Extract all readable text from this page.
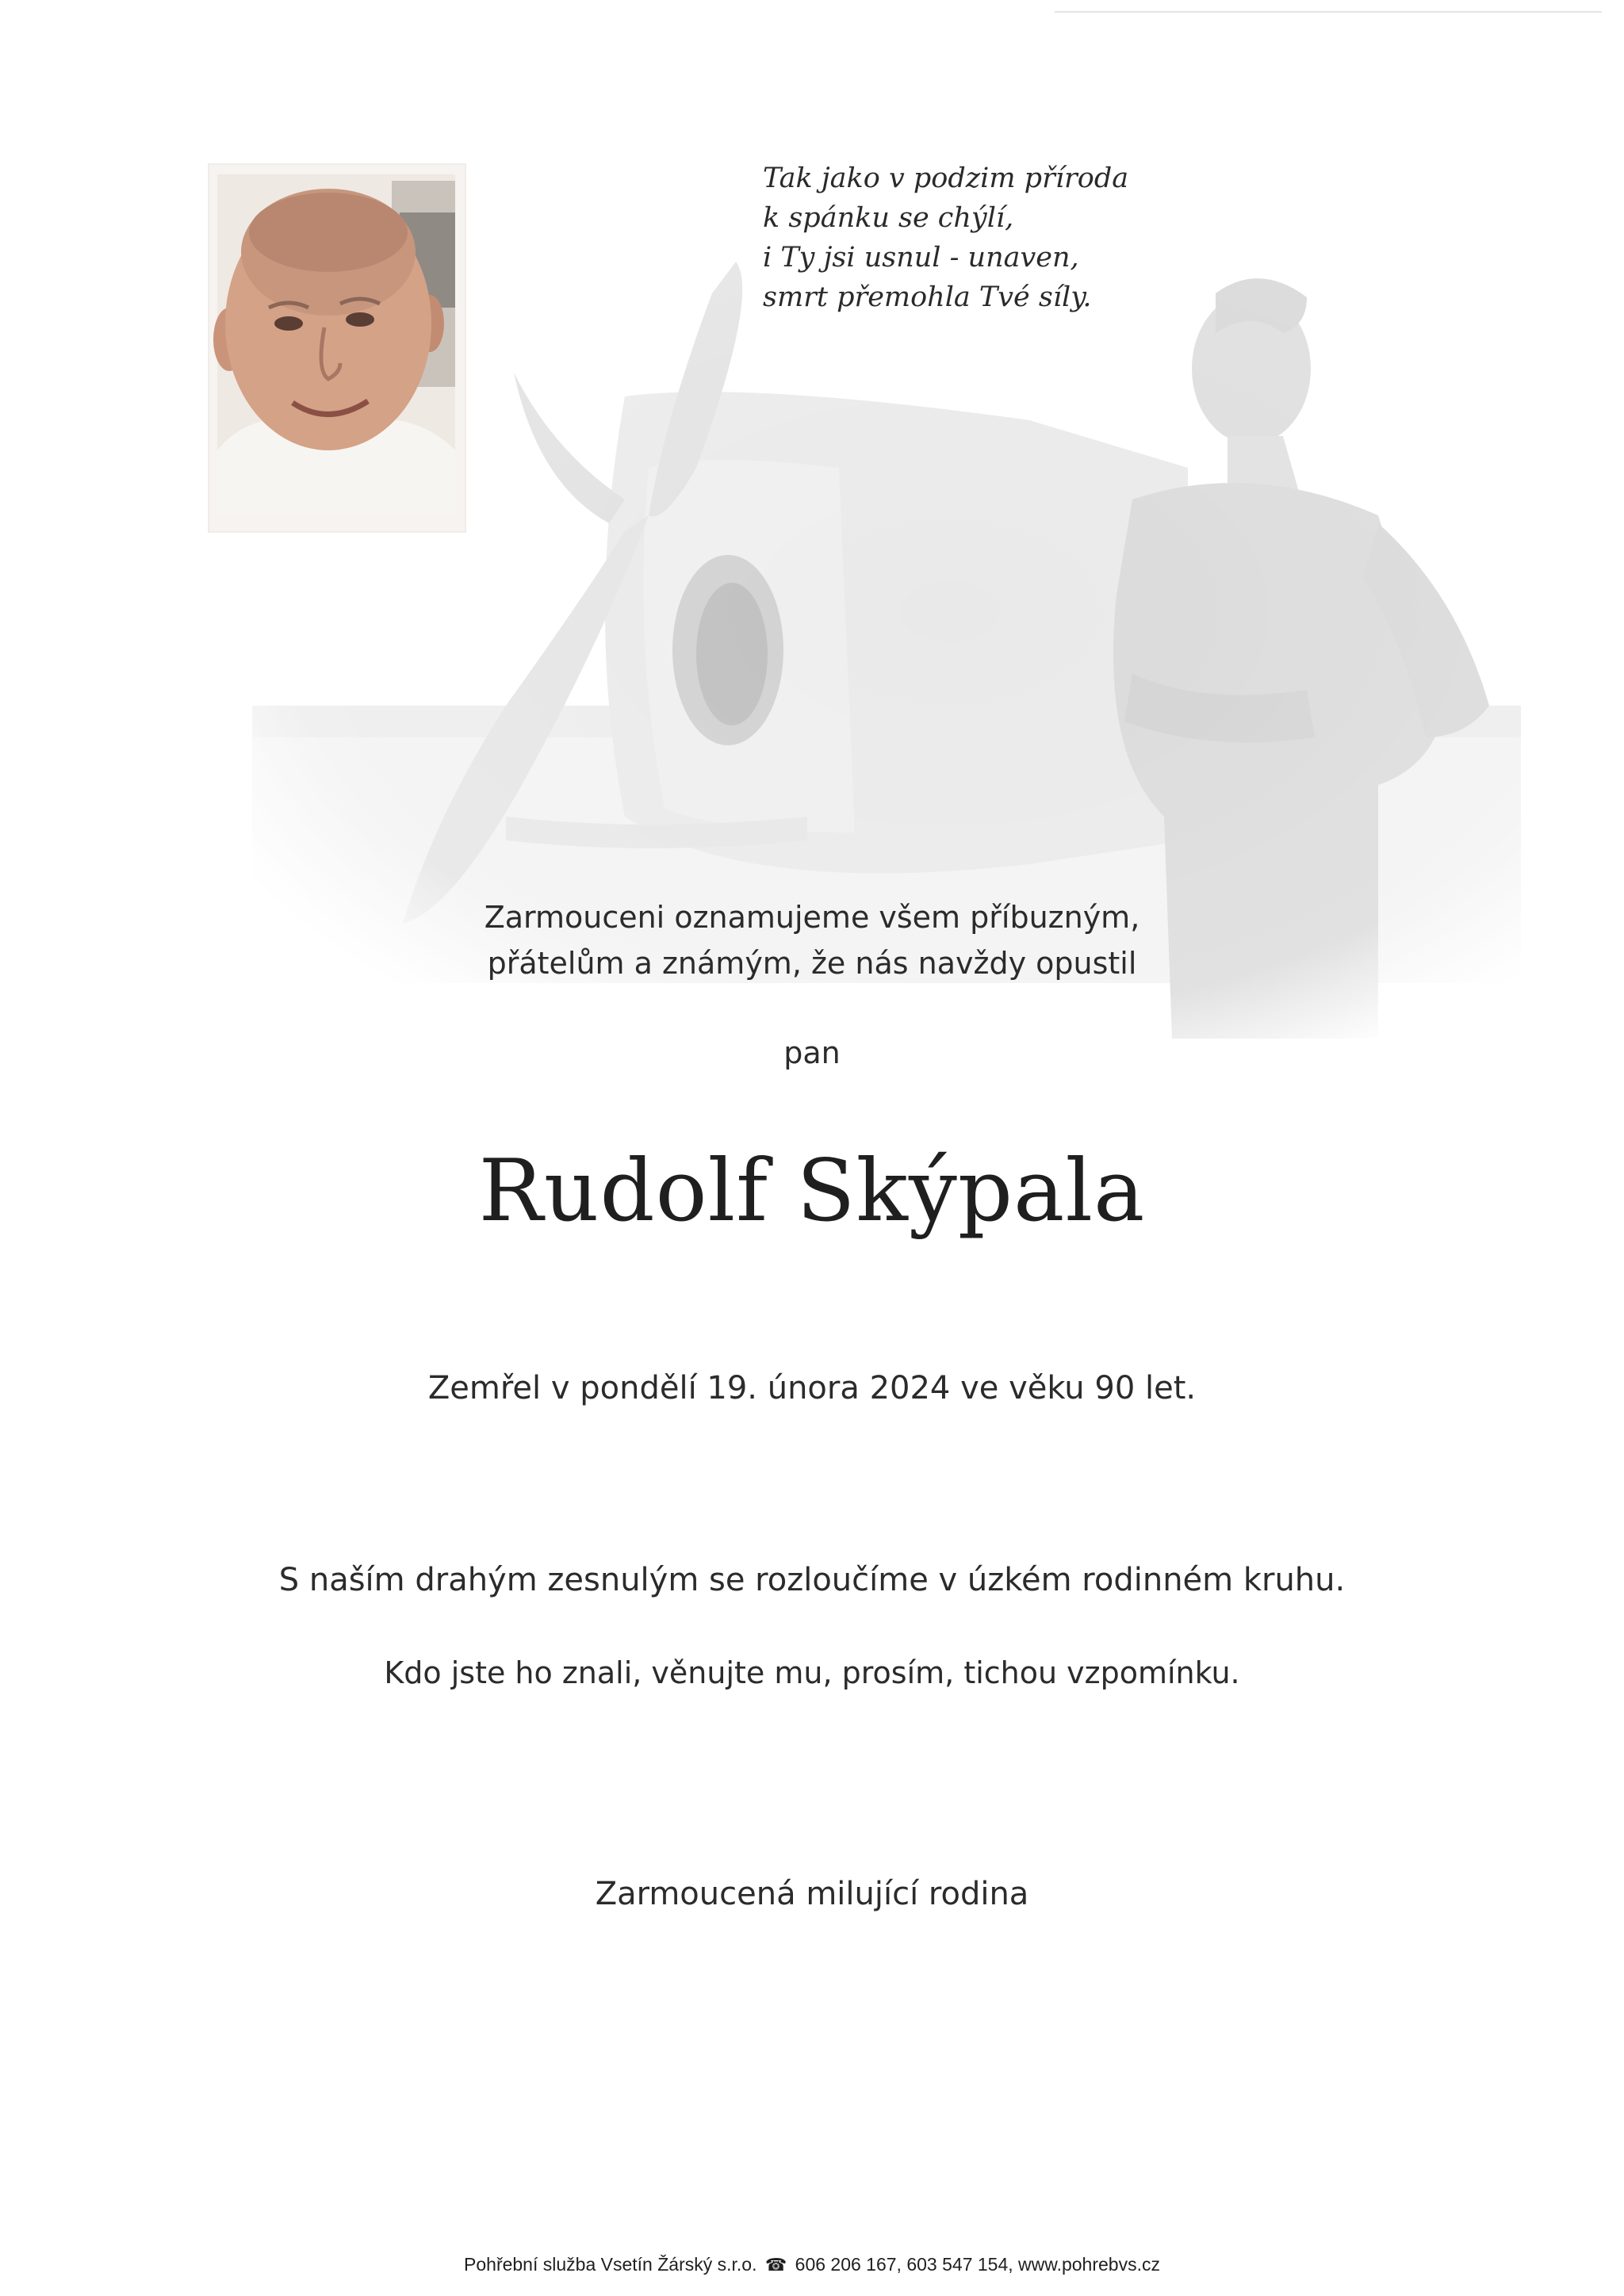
Tak jako v podzim příroda
k spánku se chýlí,
i Ty jsi usnul - unaven,
smrt přemohla Tvé síly.
Zarmouceni oznamujeme všem příbuzným,
přátelům a známým, že nás navždy opustil
pan
Rudolf Skýpala
Zemřel v pondělí 19. února 2024 ve věku 90 let.
S naším drahým zesnulým se rozloučíme v úzkém rodinném kruhu.
Kdo jste ho znali, věnujte mu, prosím, tichou vzpomínku.
Zarmoucená milující rodina
Pohřební služba Vsetín Žárský s.r.o. ☎ 606 206 167, 603 547 154, www.pohrebvs.cz
